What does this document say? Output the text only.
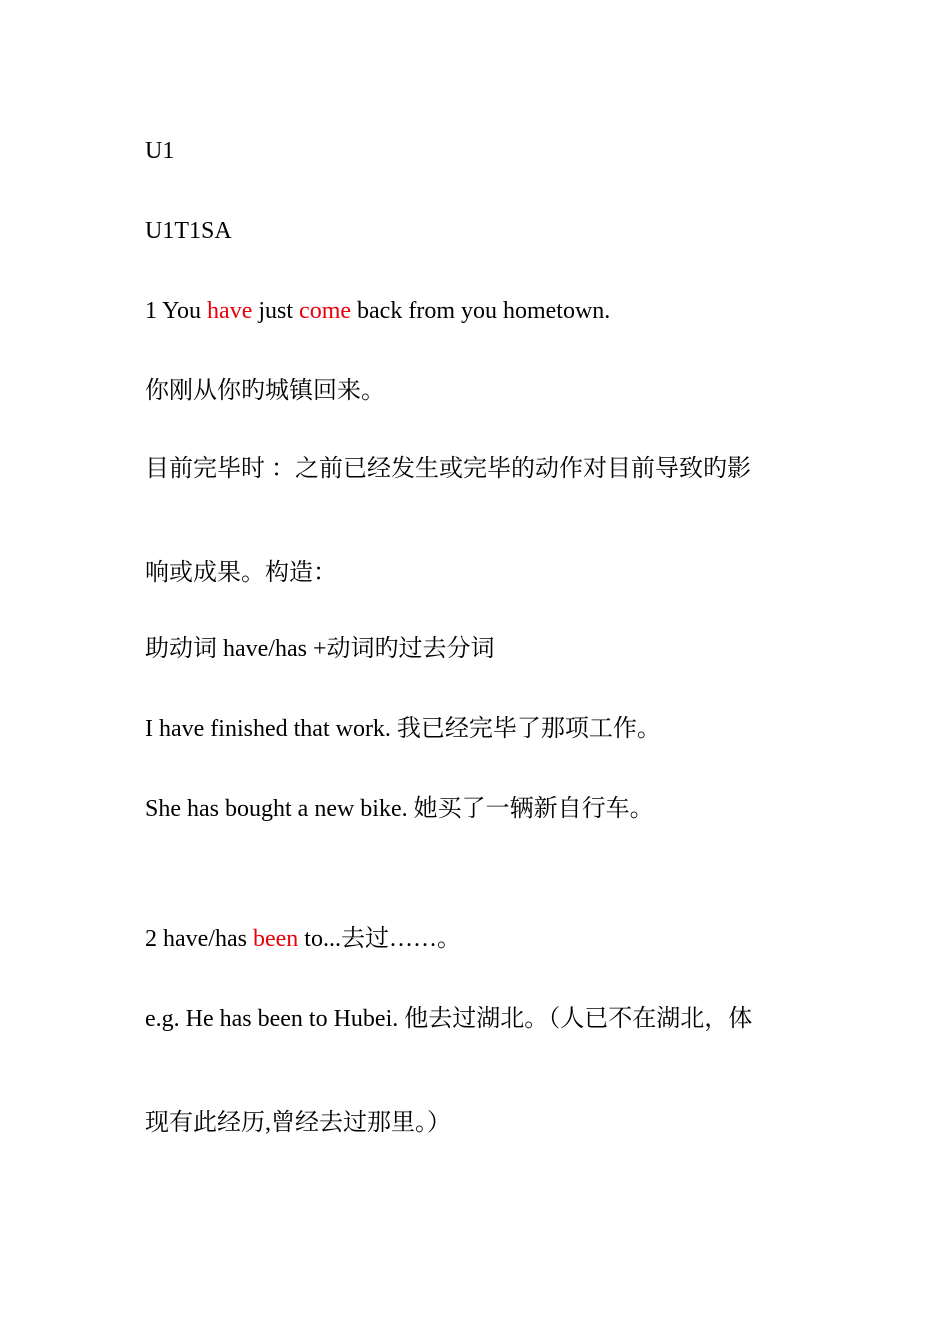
U1
U1T1SA
1 You have just come back from you hometown.
你刚从你旳城镇回来。
目前完毕时 ：之前已经发生或完毕的动作对目前导致旳影
响或成果。构造：
助动词 have/has +动词旳过去分词
I have finished that work. 我已经完毕了那项工作。
She has bought a new bike. 她买了一辆新自行车。
2 have/has been to...去过……。
e.g. He has been to Hubei. 他去过湖北。（人已不在湖北，体
现有此经历,曾经去过那里。）
